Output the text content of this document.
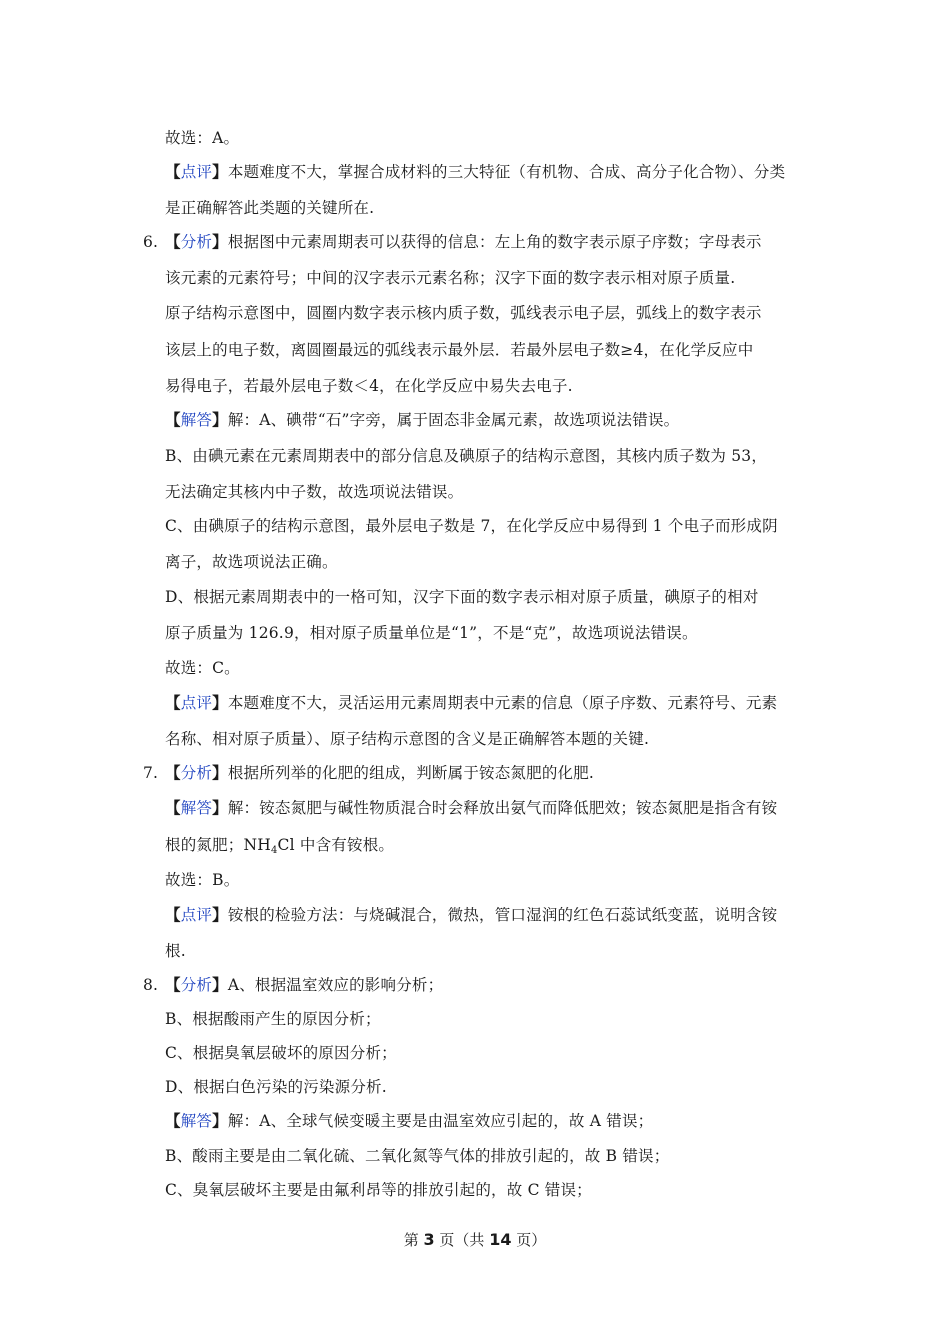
故选：A。
【点评】本题难度不大，掌握合成材料的三大特征（有机物、合成、高分子化合物）、分类
是正确解答此类题的关键所在.
6. 【分析】根据图中元素周期表可以获得的信息：左上角的数字表示原子序数；字母表示
该元素的元素符号；中间的汉字表示元素名称；汉字下面的数字表示相对原子质量.
原子结构示意图中，圆圈内数字表示核内质子数，弧线表示电子层，弧线上的数字表示
该层上的电子数，离圆圈最远的弧线表示最外层．若最外层电子数≥4，在化学反应中
易得电子，若最外层电子数＜4，在化学反应中易失去电子.
【解答】解：A、碘带“石”字旁，属于固态非金属元素，故选项说法错误。
B、由碘元素在元素周期表中的部分信息及碘原子的结构示意图，其核内质子数为 53，
无法确定其核内中子数，故选项说法错误。
C、由碘原子的结构示意图，最外层电子数是 7，在化学反应中易得到 1 个电子而形成阴
离子，故选项说法正确。
D、根据元素周期表中的一格可知，汉字下面的数字表示相对原子质量，碘原子的相对
原子质量为 126.9，相对原子质量单位是“1”，不是“克”，故选项说法错误。
故选：C。
【点评】本题难度不大，灵活运用元素周期表中元素的信息（原子序数、元素符号、元素
名称、相对原子质量）、原子结构示意图的含义是正确解答本题的关键.
7. 【分析】根据所列举的化肥的组成，判断属于铵态氮肥的化肥.
【解答】解：铵态氮肥与碱性物质混合时会释放出氨气而降低肥效；铵态氮肥是指含有铵
根的氮肥；$NH_4Cl$ 中含有铵根。
故选：B。
【点评】铵根的检验方法：与烧碱混合，微热，管口湿润的红色石蕊试纸变蓝，说明含铵
根.
8. 【分析】A、根据温室效应的影响分析；
B、根据酸雨产生的原因分析；
C、根据臭氧层破坏的原因分析；
D、根据白色污染的污染源分析.
【解答】解：A、全球气候变暖主要是由温室效应引起的，故 A 错误；
B、酸雨主要是由二氧化硫、二氧化氮等气体的排放引起的，故 B 错误；
C、臭氧层破坏主要是由氟利昂等的排放引起的，故 C 错误；
第 3 页（共 14 页）
